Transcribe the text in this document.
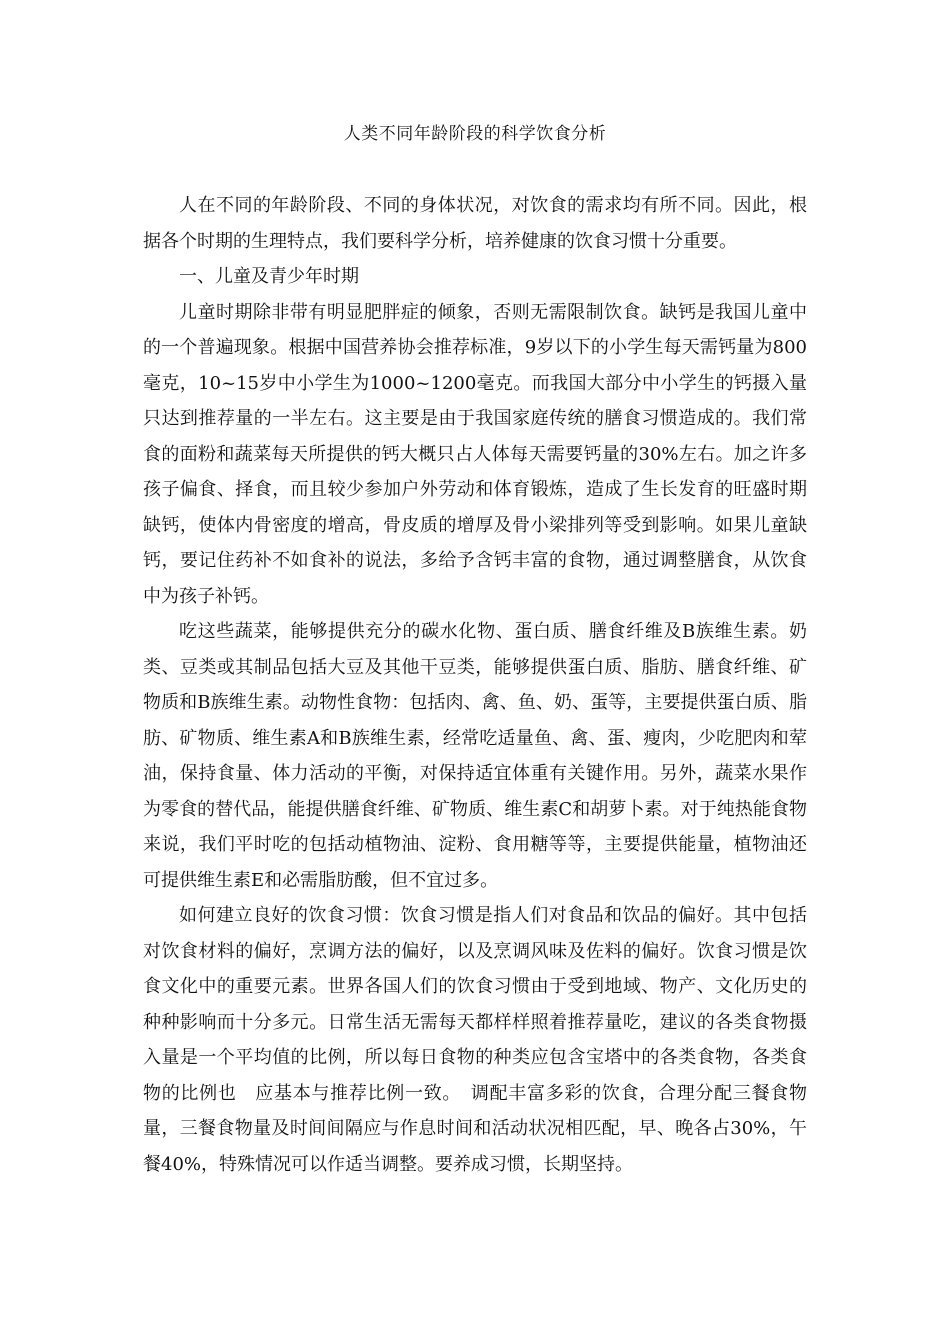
人类不同年龄阶段的科学饮食分析

人在不同的年龄阶段、不同的身体状况，对饮食的需求均有所不同。因此，根据各个时期的生理特点，我们要科学分析，培养健康的饮食习惯十分重要。

一、儿童及青少年时期

儿童时期除非带有明显肥胖症的倾象，否则无需限制饮食。缺钙是我国儿童中的一个普遍现象。根据中国营养协会推荐标准，9岁以下的小学生每天需钙量为800毫克，10~15岁中小学生为1000~1200毫克。而我国大部分中小学生的钙摄入量只达到推荐量的一半左右。这主要是由于我国家庭传统的膳食习惯造成的。我们常食的面粉和蔬菜每天所提供的钙大概只占人体每天需要钙量的30%左右。加之许多孩子偏食、择食，而且较少参加户外劳动和体育锻炼，造成了生长发育的旺盛时期缺钙，使体内骨密度的增高，骨皮质的增厚及骨小梁排列等受到影响。如果儿童缺钙，要记住药补不如食补的说法，多给予含钙丰富的食物，通过调整膳食，从饮食中为孩子补钙。

吃这些蔬菜，能够提供充分的碳水化物、蛋白质、膳食纤维及B族维生素。奶类、豆类或其制品包括大豆及其他干豆类，能够提供蛋白质、脂肪、膳食纤维、矿物质和B族维生素。动物性食物：包括肉、禽、鱼、奶、蛋等，主要提供蛋白质、脂肪、矿物质、维生素A和B族维生素，经常吃适量鱼、禽、蛋、瘦肉，少吃肥肉和荤油，保持食量、体力活动的平衡，对保持适宜体重有关键作用。另外，蔬菜水果作为零食的替代品，能提供膳食纤维、矿物质、维生素C和胡萝卜素。对于纯热能食物来说，我们平时吃的包括动植物油、淀粉、食用糖等等，主要提供能量，植物油还可提供维生素E和必需脂肪酸，但不宜过多。

如何建立良好的饮食习惯：饮食习惯是指人们对食品和饮品的偏好。其中包括对饮食材料的偏好，烹调方法的偏好，以及烹调风味及佐料的偏好。饮食习惯是饮食文化中的重要元素。世界各国人们的饮食习惯由于受到地域、物产、文化历史的种种影响而十分多元。日常生活无需每天都样样照着推荐量吃，建议的各类食物摄入量是一个平均值的比例，所以每日食物的种类应包含宝塔中的各类食物，各类食物的比例也　应基本与推荐比例一致。　调配丰富多彩的饮食，合理分配三餐食物量，三餐食物量及时间间隔应与作息时间和活动状况相匹配，早、晚各占30%，午餐40%，特殊情况可以作适当调整。要养成习惯，长期坚持。
